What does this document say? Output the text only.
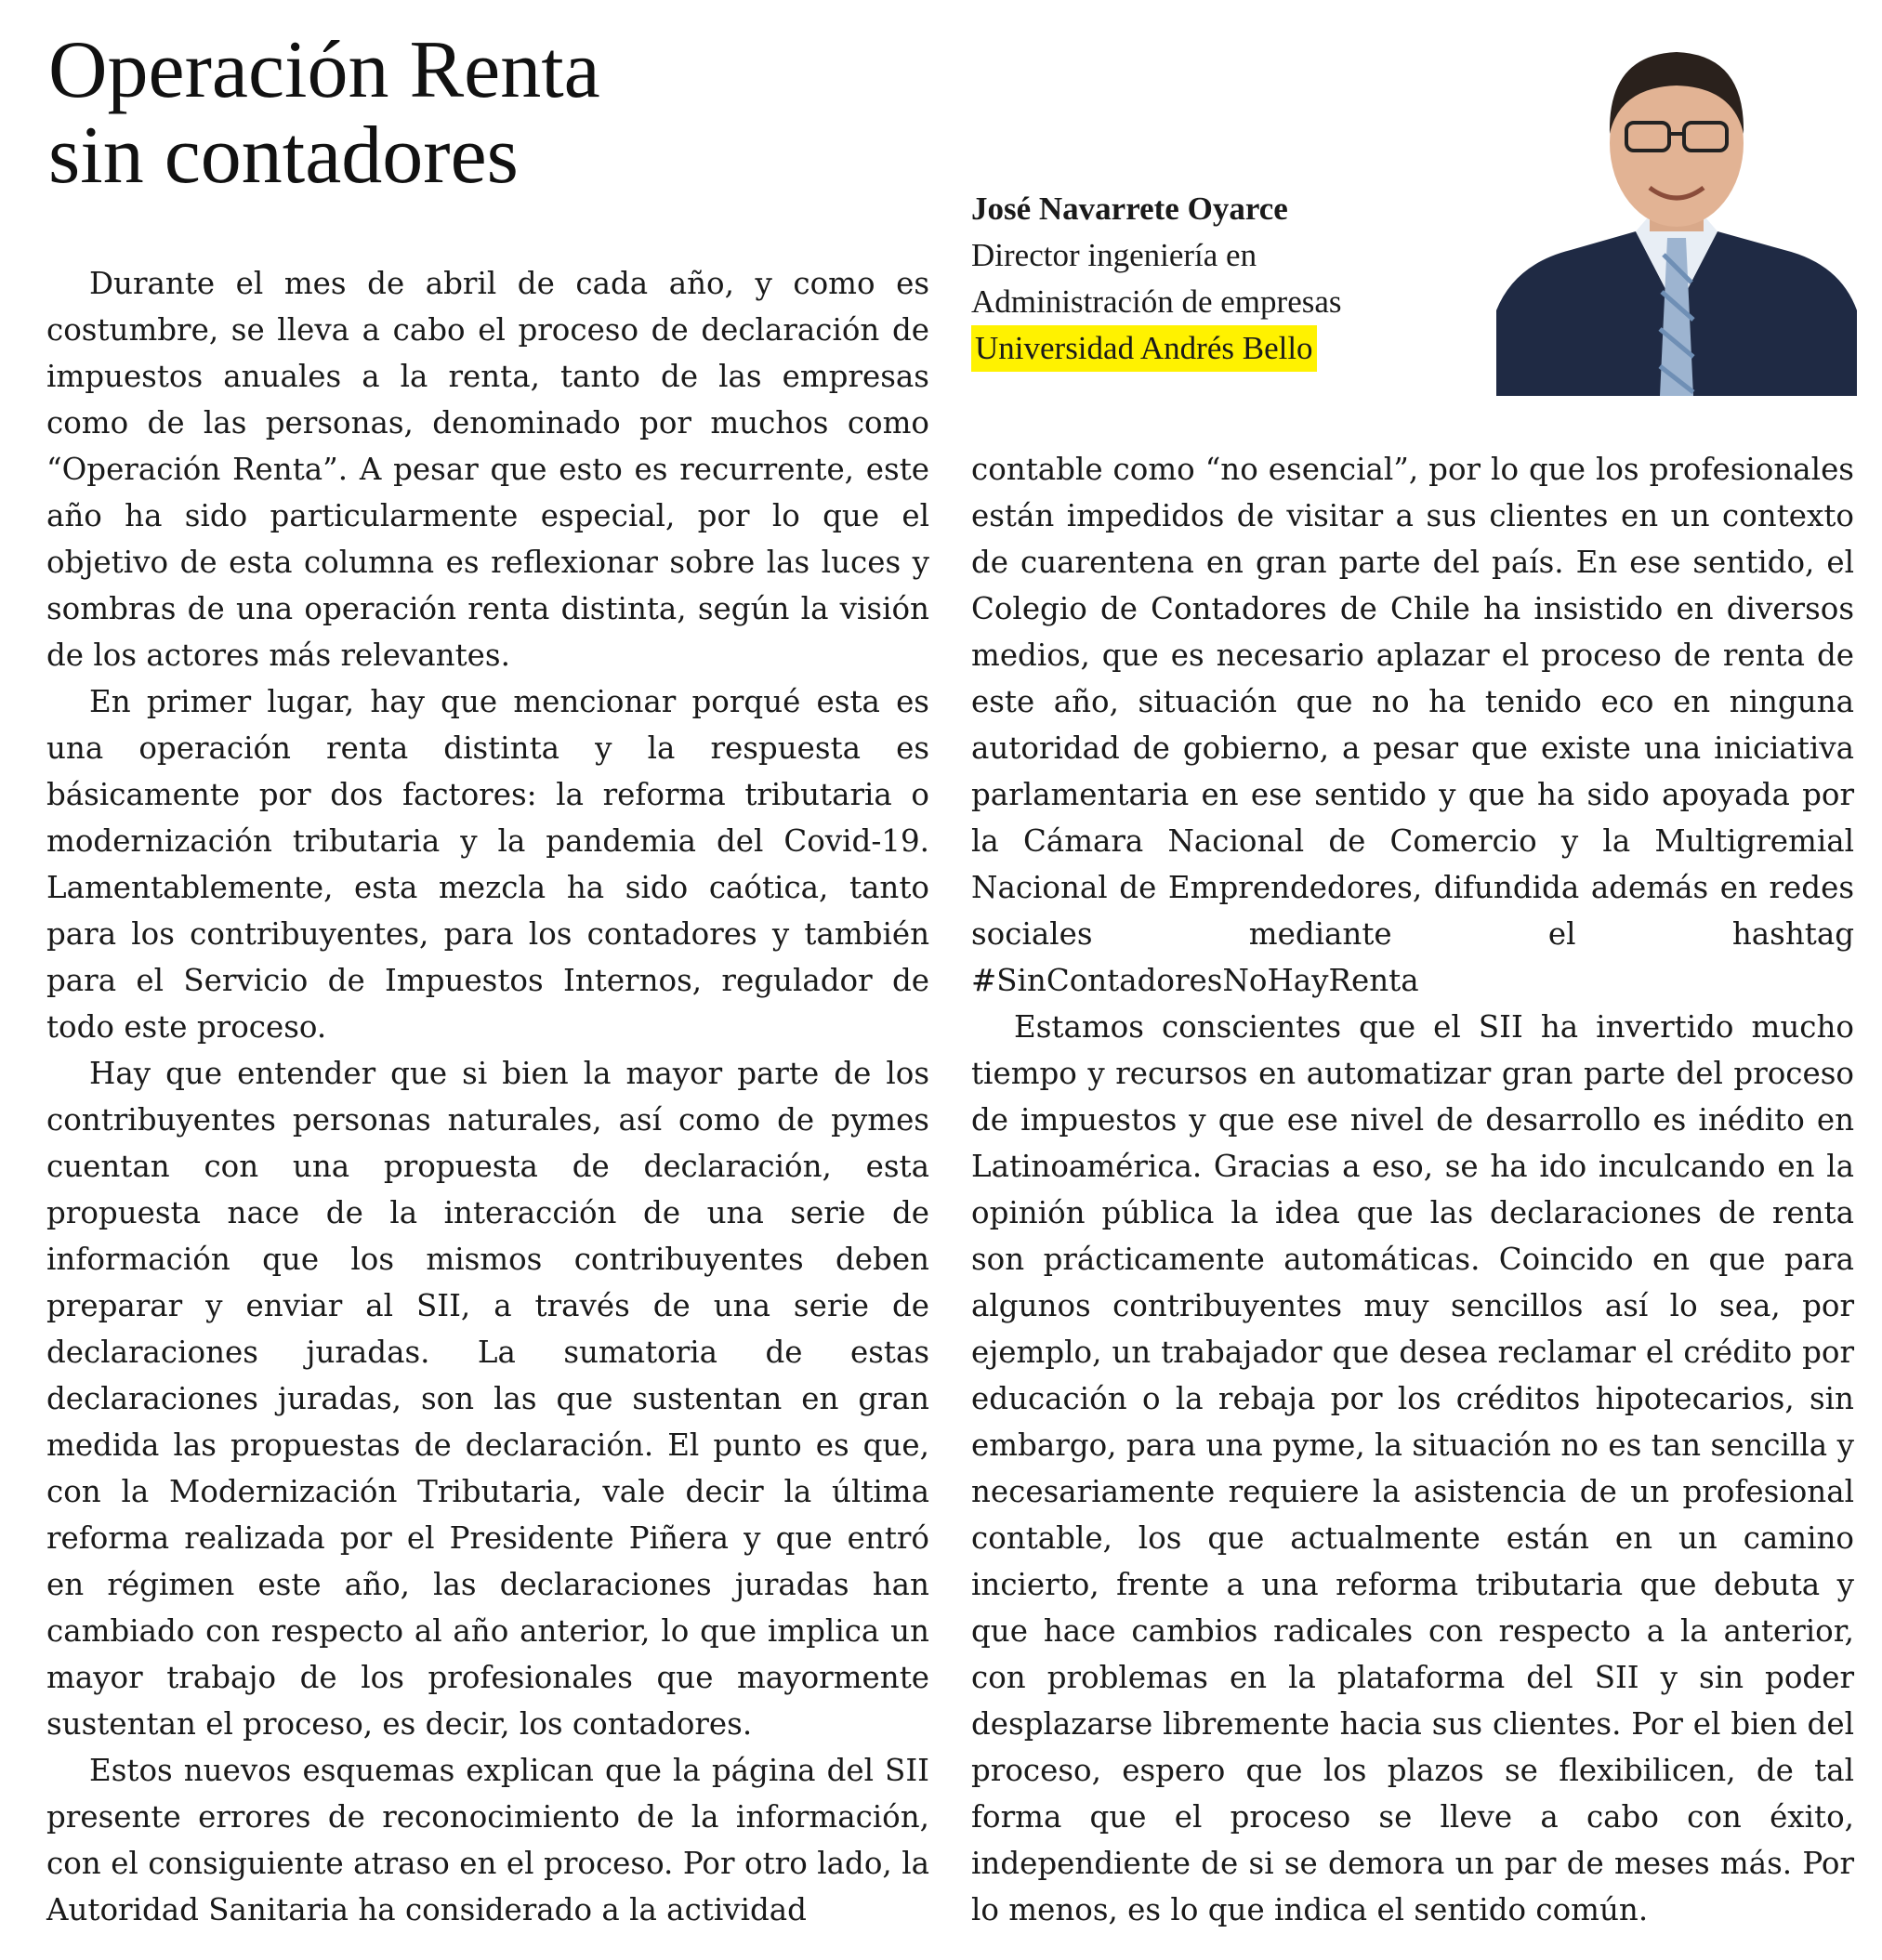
Operación Renta
sin contadores
José Navarrete Oyarce
Director ingeniería en
Administración de empresas
Universidad Andrés Bello

Durante el mes de abril de cada año, y como es costumbre, se lleva a cabo el proceso de declaración de impuestos anuales a la renta, tanto de las empresas como de las personas, denominado por muchos como “Operación Renta”. A pesar que esto es recurrente, este año ha sido particularmente especial, por lo que el objetivo de esta columna es reflexionar sobre las luces y sombras de una operación renta distinta, según la visión de los actores más relevantes.

En primer lugar, hay que mencionar porqué esta es una operación renta distinta y la respuesta es básicamente por dos factores: la reforma tributaria o modernización tributaria y la pandemia del Covid-19. Lamentablemente, esta mezcla ha sido caótica, tanto para los contribuyentes, para los contadores y también para el Servicio de Impuestos Internos, regulador de todo este proceso.

Hay que entender que si bien la mayor parte de los contribuyentes personas naturales, así como de pymes cuentan con una propuesta de declaración, esta propuesta nace de la interacción de una serie de información que los mismos contribuyentes deben preparar y enviar al SII, a través de una serie de declaraciones juradas. La sumatoria de estas declaraciones juradas, son las que sustentan en gran medida las propuestas de declaración. El punto es que, con la Modernización Tributaria, vale decir la última reforma realizada por el Presidente Piñera y que entró en régimen este año, las declaraciones juradas han cambiado con respecto al año anterior, lo que implica un mayor trabajo de los profesionales que mayormente sustentan el proceso, es decir, los contadores.

Estos nuevos esquemas explican que la página del SII presente errores de reconocimiento de la información, con el consiguiente atraso en el proceso. Por otro lado, la Autoridad Sanitaria ha considerado a la actividad

contable como “no esencial”, por lo que los profesionales están impedidos de visitar a sus clientes en un contexto de cuarentena en gran parte del país. En ese sentido, el Colegio de Contadores de Chile ha insistido en diversos medios, que es necesario aplazar el proceso de renta de este año, situación que no ha tenido eco en ninguna autoridad de gobierno, a pesar que existe una iniciativa parlamentaria en ese sentido y que ha sido apoyada por la Cámara Nacional de Comercio y la Multigremial Nacional de Emprendedores, difundida además en redes sociales mediante el hashtag #SinContadoresNoHayRenta

Estamos conscientes que el SII ha invertido mucho tiempo y recursos en automatizar gran parte del proceso de impuestos y que ese nivel de desarrollo es inédito en Latinoamérica. Gracias a eso, se ha ido inculcando en la opinión pública la idea que las declaraciones de renta son prácticamente automáticas. Coincido en que para algunos contribuyentes muy sencillos así lo sea, por ejemplo, un trabajador que desea reclamar el crédito por educación o la rebaja por los créditos hipotecarios, sin embargo, para una pyme, la situación no es tan sencilla y necesariamente requiere la asistencia de un profesional contable, los que actualmente están en un camino incierto, frente a una reforma tributaria que debuta y que hace cambios radicales con respecto a la anterior, con problemas en la plataforma del SII y sin poder desplazarse libremente hacia sus clientes. Por el bien del proceso, espero que los plazos se flexibilicen, de tal forma que el proceso se lleve a cabo con éxito, independiente de si se demora un par de meses más. Por lo menos, es lo que indica el sentido común.
